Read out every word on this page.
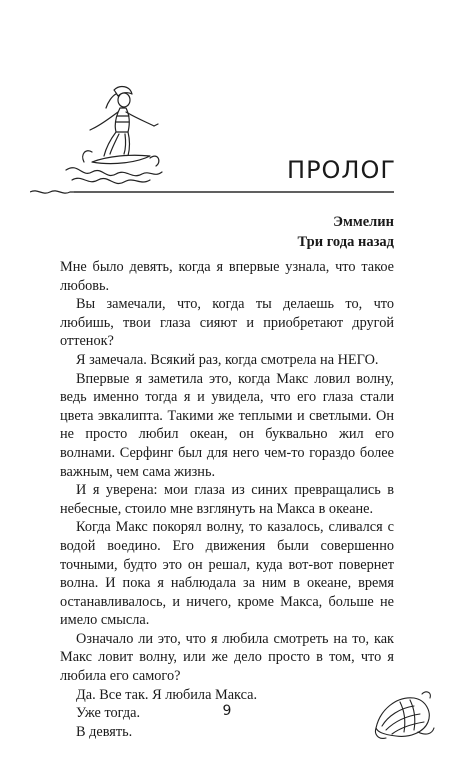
ПРОЛОГ
Эммелин
Три года назад

Мне было девять, когда я впервые узнала, что такое любовь.

Вы замечали, что, когда ты делаешь то, что любишь, твои глаза сияют и приобретают другой оттенок?

Я замечала. Всякий раз, когда смотрела на НЕГО.

Впервые я заметила это, когда Макс ловил волну, ведь именно тогда я и увидела, что его глаза стали цвета эвкалипта. Такими же теплыми и светлыми. Он не просто любил океан, он буквально жил его волнами. Серфинг был для него чем-то гораздо более важным, чем сама жизнь.

И я уверена: мои глаза из синих превращались в небесные, стоило мне взглянуть на Макса в океане.

Когда Макс покорял волну, то казалось, сливался с водой воедино. Его движения были совершенно точными, будто это он решал, куда вот-вот повернет волна. И пока я наблюдала за ним в океане, время останавливалось, и ничего, кроме Макса, больше не имело смысла.

Означало ли это, что я любила смотреть на то, как Макс ловит волну, или же дело просто в том, что я любила его самого?

Да. Все так. Я любила Макса.

Уже тогда.

В девять.

9
